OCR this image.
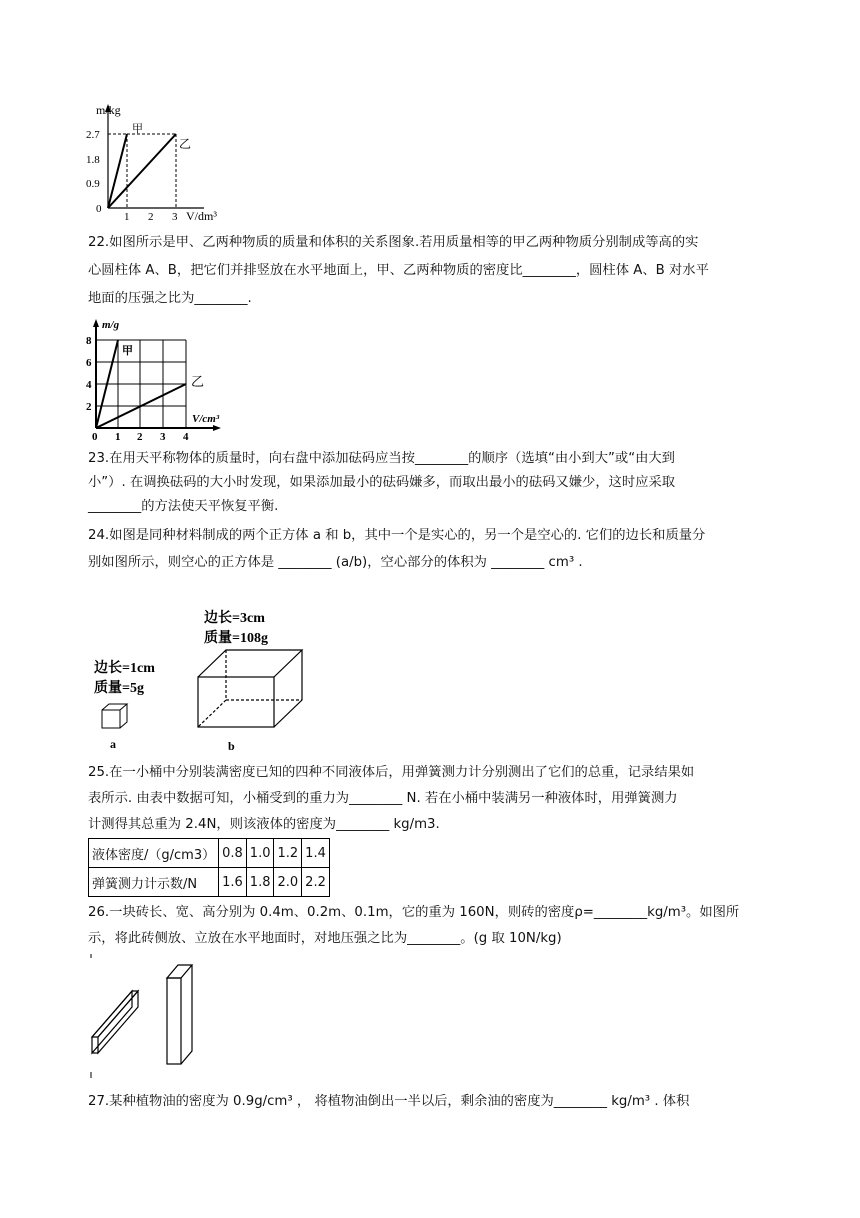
m/kg
2.7
1.8
0.9
0
1 2 3 V/dm³
甲
乙
22.如图所示是甲、乙两种物质的质量和体积的关系图象.若用质量相等的甲乙两种物质分别制成等高的实
心圆柱体 A、B，把它们并排竖放在水平地面上，甲、乙两种物质的密度比________，圆柱体 A、B 对水平
地面的压强之比为________.
m/g
8
6
4
2
0 1 2 3 4
V/cm³
甲
乙
23.在用天平称物体的质量时，向右盘中添加砝码应当按________的顺序（选填“由小到大”或“由大到
小”）. 在调换砝码的大小时发现，如果添加最小的砝码嫌多，而取出最小的砝码又嫌少，这时应采取
________的方法使天平恢复平衡.
24.如图是同种材料制成的两个正方体 a 和 b，其中一个是实心的，另一个是空心的. 它们的边长和质量分
别如图所示，则空心的正方体是 ________ (a/b)，空心部分的体积为 ________ cm³ .
边长=1cm
质量=5g
a
边长=3cm
质量=108g
b
25.在一小桶中分别装满密度已知的四种不同液体后，用弹簧测力计分别测出了它们的总重，记录结果如
表所示. 由表中数据可知，小桶受到的重力为________ N. 若在小桶中装满另一种液体时，用弹簧测力
计测得其总重为 2.4N，则该液体的密度为________ kg/m3.
液体密度/（g/cm3）	0.8	1.0	1.2	1.4
弹簧测力计示数/N	1.6	1.8	2.0	2.2
26.一块砖长、宽、高分别为 0.4m、0.2m、0.1m，它的重为 160N，则砖的密度ρ=________kg/m³。如图所
示，将此砖侧放、立放在水平地面时，对地压强之比为________。(g 取 10N/kg)
27.某种植物油的密度为 0.9g/cm³ ， 将植物油倒出一半以后，剩余油的密度为________ kg/m³ . 体积
